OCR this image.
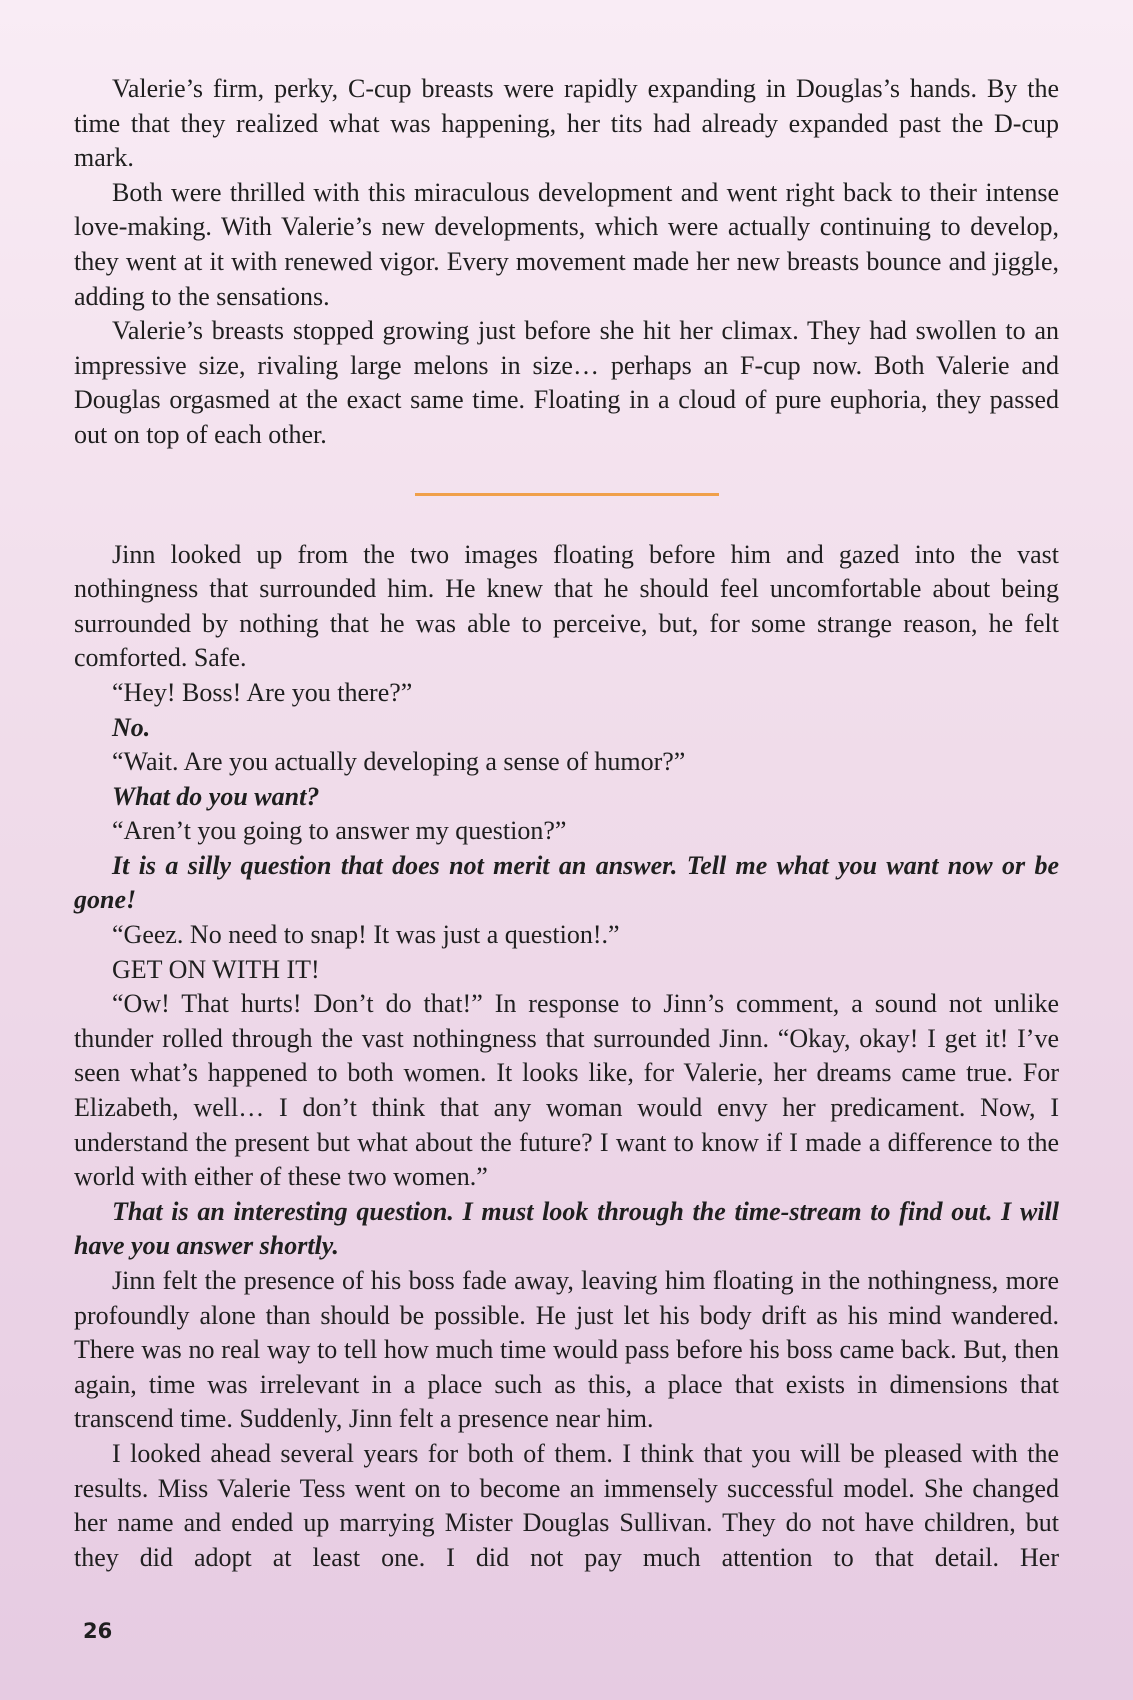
Valerie’s firm, perky, C-cup breasts were rapidly expanding in Douglas’s hands. By the time that they realized what was happening, her tits had already expanded past the D-cup mark.

Both were thrilled with this miraculous development and went right back to their intense love-making. With Valerie’s new developments, which were actually continuing to develop, they went at it with renewed vigor. Every movement made her new breasts bounce and jiggle, adding to the sensations.

Valerie’s breasts stopped growing just before she hit her climax. They had swollen to an impressive size, rivaling large melons in size… perhaps an F-cup now. Both Valerie and Douglas orgasmed at the exact same time. Floating in a cloud of pure euphoria, they passed out on top of each other.

Jinn looked up from the two images floating before him and gazed into the vast nothingness that surrounded him. He knew that he should feel uncomfortable about being surrounded by nothing that he was able to perceive, but, for some strange reason, he felt comforted. Safe.

“Hey! Boss! Are you there?”

No.

“Wait. Are you actually developing a sense of humor?”

What do you want?

“Aren’t you going to answer my question?”

It is a silly question that does not merit an answer. Tell me what you want now or be gone!

“Geez. No need to snap! It was just a question!.”

GET ON WITH IT!

“Ow! That hurts! Don’t do that!” In response to Jinn’s comment, a sound not unlike thunder rolled through the vast nothingness that surrounded Jinn. “Okay, okay! I get it! I’ve seen what’s happened to both women. It looks like, for Valerie, her dreams came true. For Elizabeth, well… I don’t think that any woman would envy her predicament. Now, I understand the present but what about the future? I want to know if I made a difference to the world with either of these two women.”

That is an interesting question. I must look through the time-stream to find out. I will have you answer shortly.

Jinn felt the presence of his boss fade away, leaving him floating in the nothingness, more profoundly alone than should be possible. He just let his body drift as his mind wandered. There was no real way to tell how much time would pass before his boss came back. But, then again, time was irrelevant in a place such as this, a place that exists in dimensions that transcend time. Suddenly, Jinn felt a presence near him.

I looked ahead several years for both of them. I think that you will be pleased with the results. Miss Valerie Tess went on to become an immensely successful model. She changed her name and ended up marrying Mister Douglas Sullivan. They do not have children, but they did adopt at least one. I did not pay much attention to that detail. Her

26
